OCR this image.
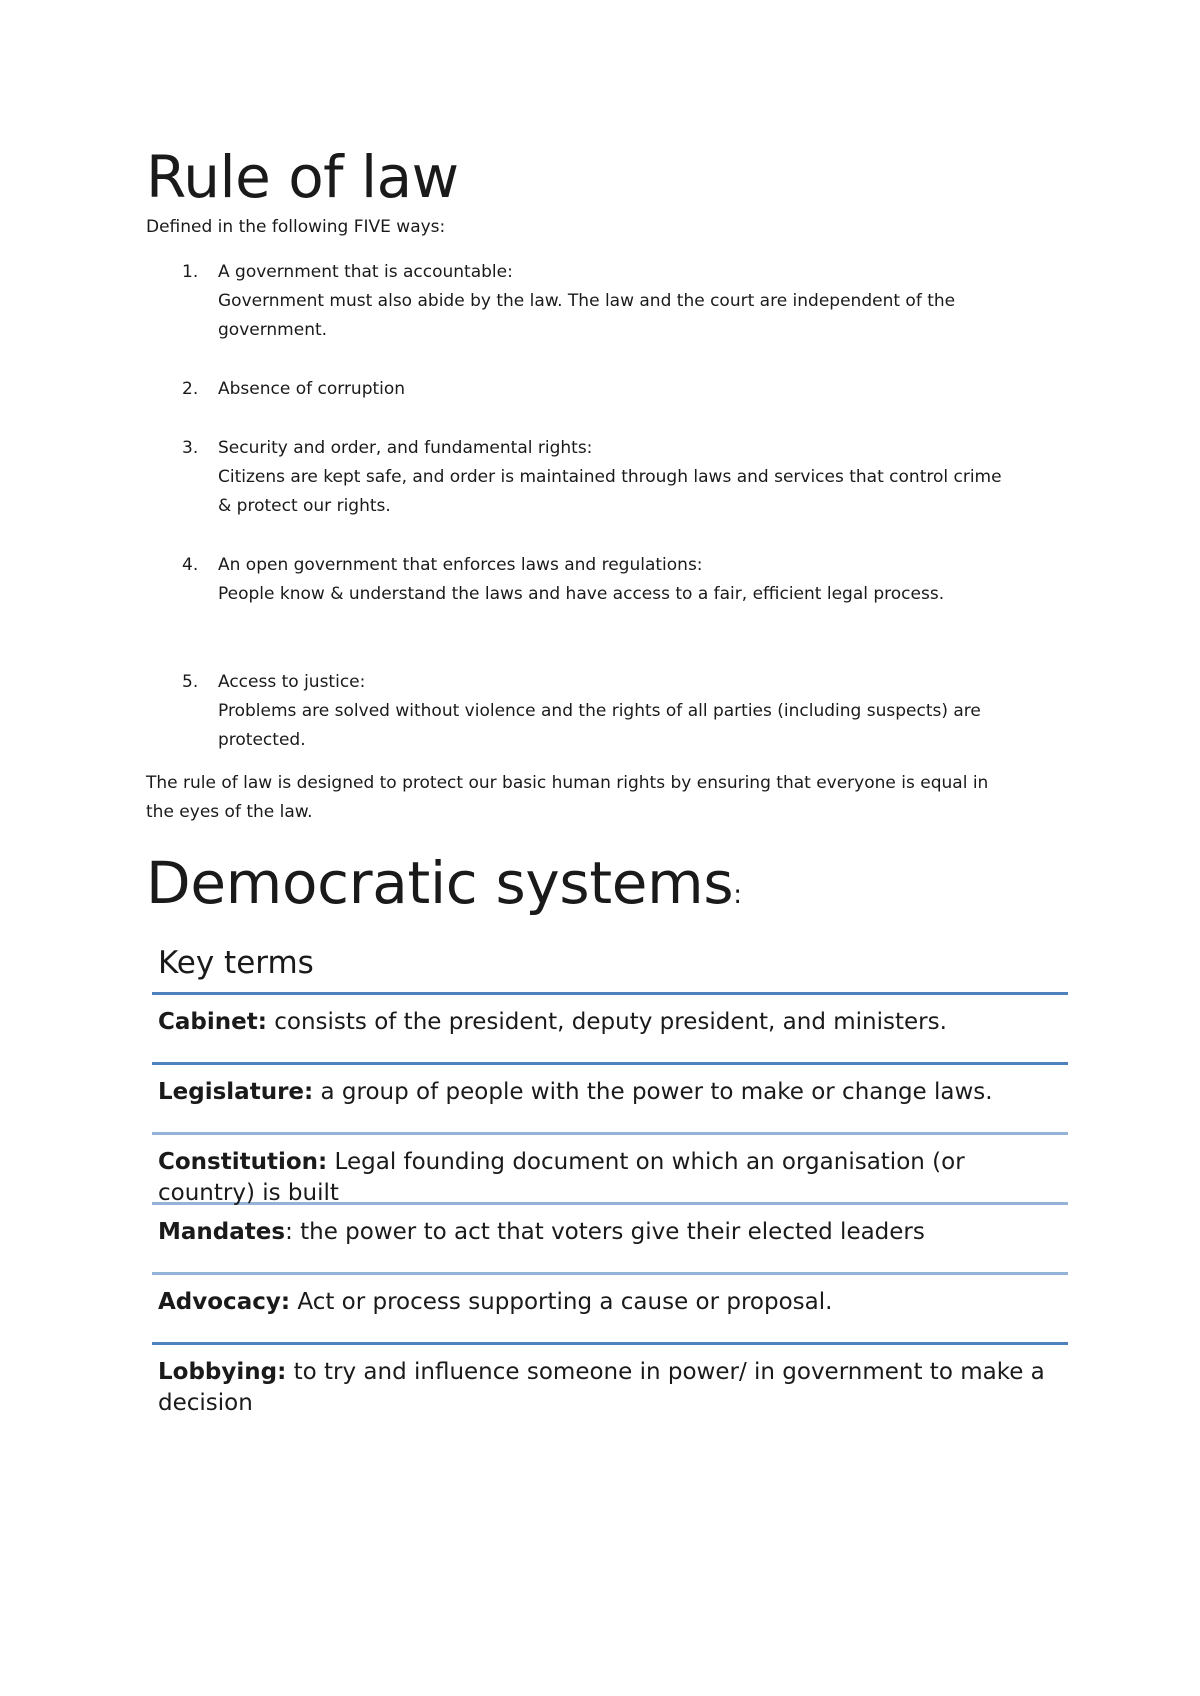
Rule of law

Defined in the following FIVE ways:

1. A government that is accountable:
Government must also abide by the law. The law and the court are independent of the
government.
2. Absence of corruption
3. Security and order, and fundamental rights:
Citizens are kept safe, and order is maintained through laws and services that control crime
& protect our rights.
4. An open government that enforces laws and regulations:
People know & understand the laws and have access to a fair, efficient legal process.
5. Access to justice:
Problems are solved without violence and the rights of all parties (including suspects) are
protected.

The rule of law is designed to protect our basic human rights by ensuring that everyone is equal in
the eyes of the law.

Democratic systems:
Key terms
Cabinet: consists of the president, deputy president, and ministers.
Legislature: a group of people with the power to make or change laws.
Constitution: Legal founding document on which an organisation (or country) is built
Mandates: the power to act that voters give their elected leaders
Advocacy: Act or process supporting a cause or proposal.
Lobbying: to try and influence someone in power/ in government to make a decision
